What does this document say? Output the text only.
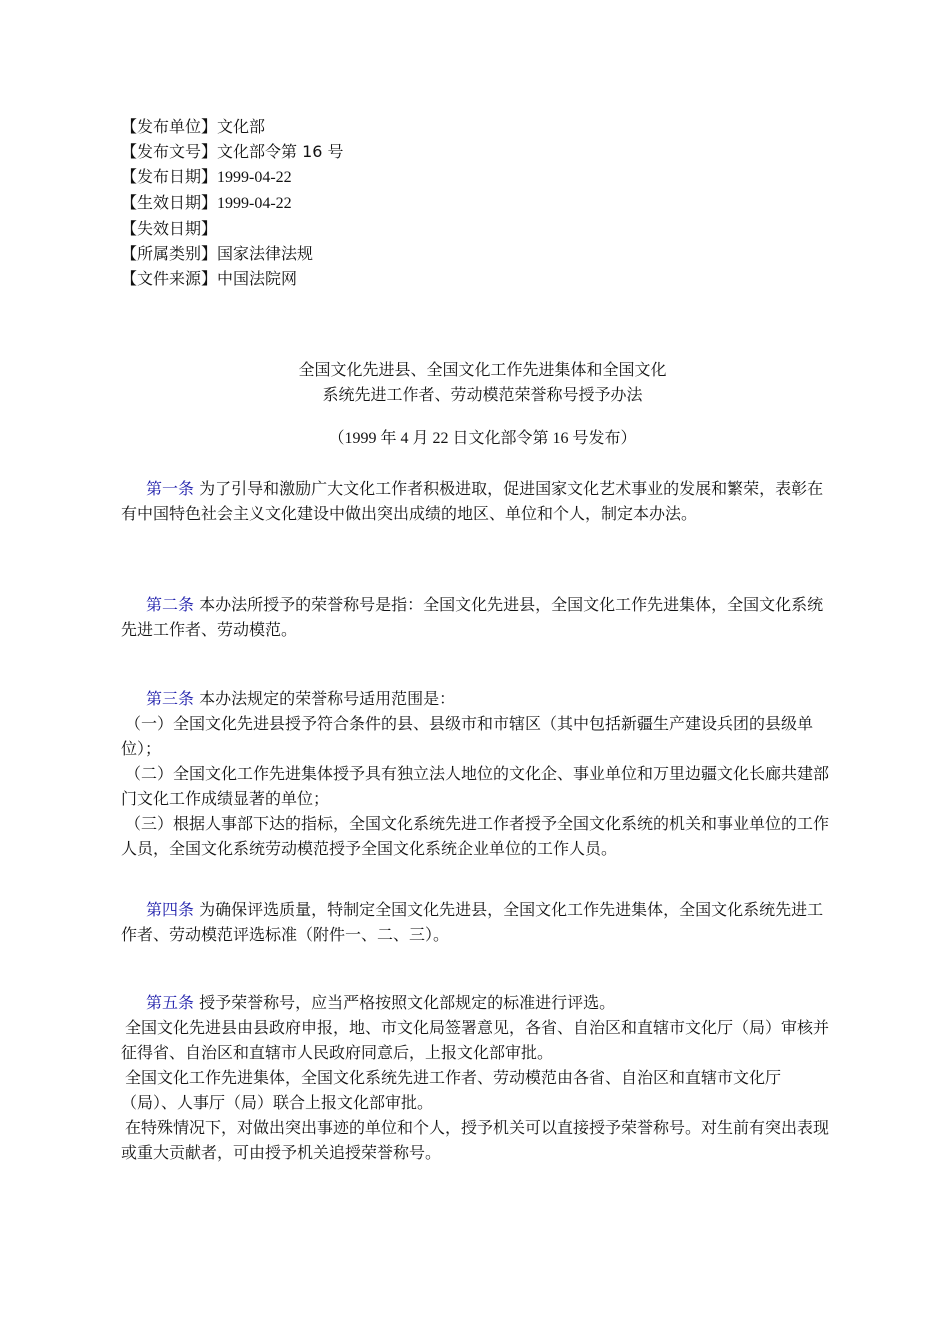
【发布单位】文化部
【发布文号】文化部令第 16 号
【发布日期】1999-04-22
【生效日期】1999-04-22
【失效日期】
【所属类别】国家法律法规
【文件来源】中国法院网
全国文化先进县、全国文化工作先进集体和全国文化
系统先进工作者、劳动模范荣誉称号授予办法
（1999 年 4 月 22 日文化部令第 16 号发布）

第一条 为了引导和激励广大文化工作者积极进取，促进国家文化艺术事业的发展和繁荣，表彰在有中国特色社会主义文化建设中做出突出成绩的地区、单位和个人，制定本办法。

第二条 本办法所授予的荣誉称号是指：全国文化先进县，全国文化工作先进集体，全国文化系统先进工作者、劳动模范。

第三条 本办法规定的荣誉称号适用范围是：

（一）全国文化先进县授予符合条件的县、县级市和市辖区（其中包括新疆生产建设兵团的县级单位）；

（二）全国文化工作先进集体授予具有独立法人地位的文化企、事业单位和万里边疆文化长廊共建部门文化工作成绩显著的单位；

（三）根据人事部下达的指标，全国文化系统先进工作者授予全国文化系统的机关和事业单位的工作人员，全国文化系统劳动模范授予全国文化系统企业单位的工作人员。

第四条 为确保评选质量，特制定全国文化先进县，全国文化工作先进集体，全国文化系统先进工作者、劳动模范评选标准（附件一、二、三）。

第五条 授予荣誉称号，应当严格按照文化部规定的标准进行评选。

全国文化先进县由县政府申报，地、市文化局签署意见，各省、自治区和直辖市文化厅（局）审核并征得省、自治区和直辖市人民政府同意后，上报文化部审批。

全国文化工作先进集体，全国文化系统先进工作者、劳动模范由各省、自治区和直辖市文化厅（局）、人事厅（局）联合上报文化部审批。

在特殊情况下，对做出突出事迹的单位和个人，授予机关可以直接授予荣誉称号。对生前有突出表现或重大贡献者，可由授予机关追授荣誉称号。
